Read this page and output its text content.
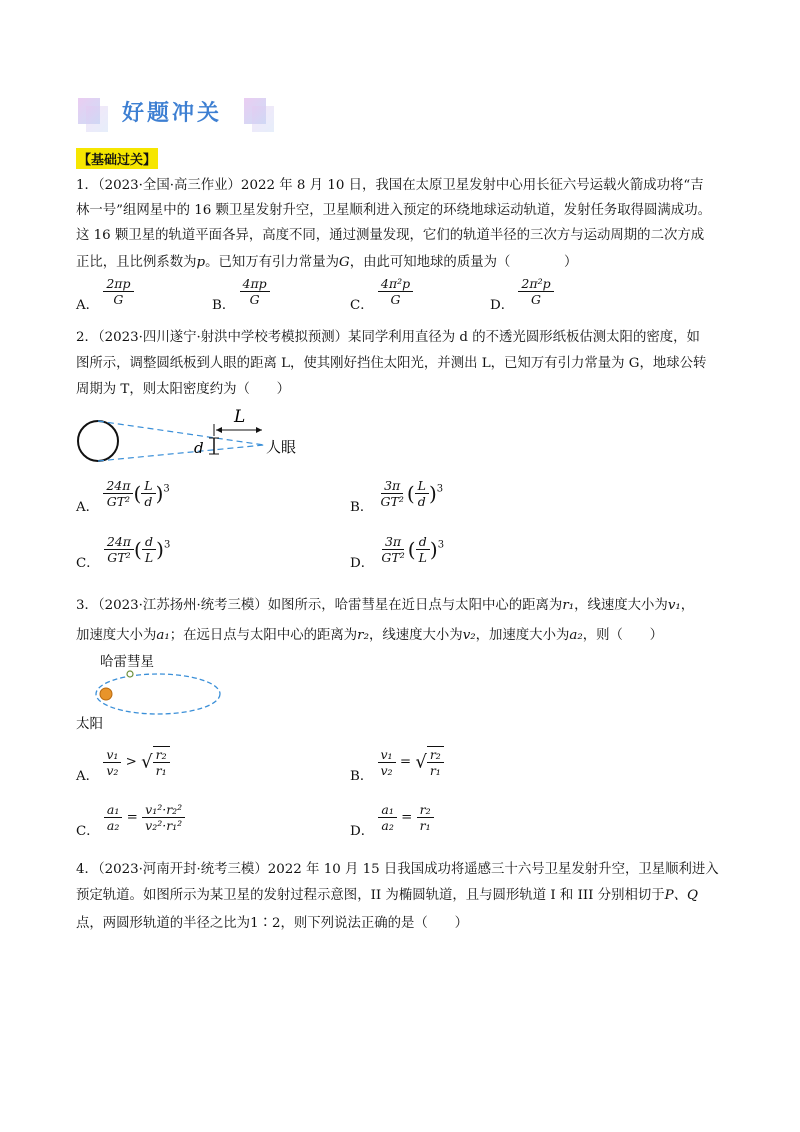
好题冲关
【基础过关】
1．（2023·全国·高三作业）2022 年 8 月 10 日，我国在太原卫星发射中心用长征六号运载火箭成功将“吉
林一号”组网星中的 16 颗卫星发射升空，卫星顺利进入预定的环绕地球运动轨道，发射任务取得圆满成功。
这 16 颗卫星的轨道平面各异，高度不同，通过测量发现，它们的轨道半径的三次方与运动周期的二次方成
正比，且比例系数为p。已知万有引力常量为G，由此可知地球的质量为（　　　　）
A． $\frac{2\pi p}{G}$	B． $\frac{4\pi p}{G}$	C． $\frac{\text{4π²p}}{G}$	D． $\frac{\text{2π²p}}{G}$
2．（2023·四川遂宁·射洪中学校考模拟预测）某同学利用直径为 d 的不透光圆形纸板估测太阳的密度，如
图所示，调整圆纸板到人眼的距离 L，使其刚好挡住太阳光，并测出 L，已知万有引力常量为 G，地球公转
周期为 T，则太阳密度约为（　　）
L
d	人眼
A． $\frac{24\pi}{\text{GT²}}$ ( $\frac{L}{d} )^3$
B． $\frac{3\pi}{\text{GT²}}$ ( $\frac{L}{d} )^3$
C． $\frac{24\pi}{\text{GT²}}$ ( $\frac{d}{L} )^3$
D． $\frac{3\pi}{\text{GT²}}$ ( $\frac{d}{L} )^3$
3．（2023·江苏扬州·统考三模）如图所示，哈雷彗星在近日点与太阳中心的距离为r₁，线速度大小为v₁，
加速度大小为a₁；在远日点与太阳中心的距离为r₂，线速度大小为v₂，加速度大小为a₂，则（　　）
哈雷彗星
太阳
A． $\frac{\text{v₁}}{\text{v₂}}$ > √ $\frac{\text{r₂}}{\text{r₁}}$	B． $\frac{\text{v₁}}{\text{v₂}}$ = √ $\frac{\text{r₂}}{\text{r₁}}$
C． $\frac{\text{a₁}}{\text{a₂}} = \frac{\text{v₁²·r₂²}}{\text{v₂²·r₁²}}$	D． $\frac{\text{a₁}}{\text{a₂}} = \frac{\text{r₂}}{\text{r₁}}$
4．（2023·河南开封·统考三模）2022 年 10 月 15 日我国成功将遥感三十六号卫星发射升空，卫星顺利进入
预定轨道。如图所示为某卫星的发射过程示意图，II 为椭圆轨道，且与圆形轨道 I 和 III 分别相切于P、Q
点，两圆形轨道的半径之比为1∶2，则下列说法正确的是（　　）
